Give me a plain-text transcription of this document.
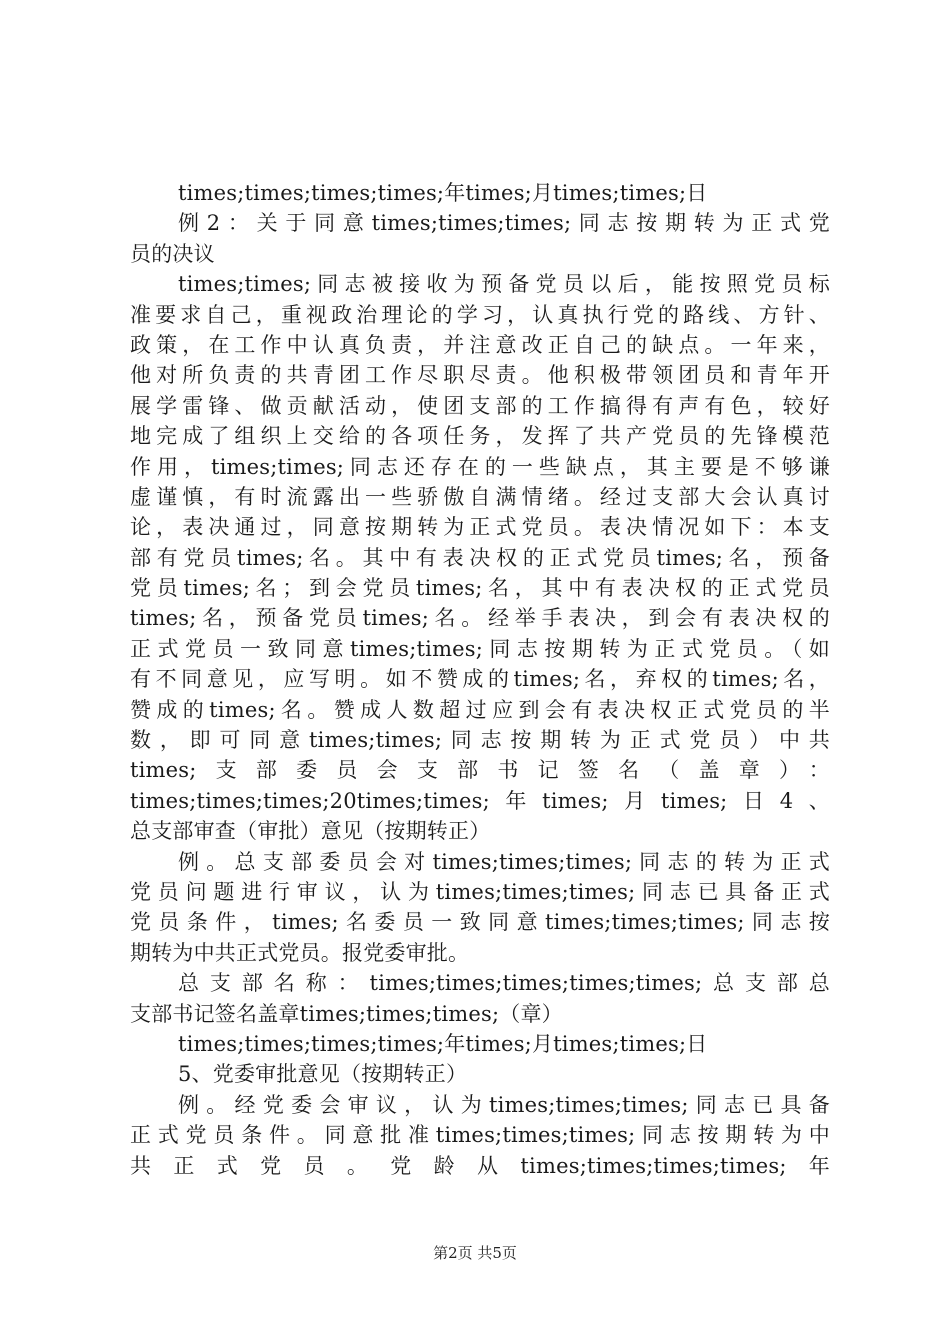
times;times;times;times;年times;月times;times;日
例2：关于同意times;times;times;同志按期转为正式党
员的决议
times;times;同志被接收为预备党员以后，能按照党员标
准要求自己，重视政治理论的学习，认真执行党的路线、方针、
政策，在工作中认真负责，并注意改正自己的缺点。一年来，
他对所负责的共青团工作尽职尽责。他积极带领团员和青年开
展学雷锋、做贡献活动，使团支部的工作搞得有声有色，较好
地完成了组织上交给的各项任务，发挥了共产党员的先锋模范
作用，times;times;同志还存在的一些缺点，其主要是不够谦
虚谨慎，有时流露出一些骄傲自满情绪。经过支部大会认真讨
论，表决通过，同意按期转为正式党员。表决情况如下：本支
部有党员times;名。其中有表决权的正式党员times;名，预备
党员times;名；到会党员times;名，其中有表决权的正式党员
times;名，预备党员times;名。经举手表决，到会有表决权的
正式党员一致同意times;times;同志按期转为正式党员。（如
有不同意见，应写明。如不赞成的times;名，弃权的times;名，
赞成的times;名。赞成人数超过应到会有表决权正式党员的半
数，即可同意times;times;同志按期转为正式党员）中共
times;支部委员会支部书记签名（盖章）：
times;times;times;20times;times;年times;月times;日4、
总支部审查（审批）意见（按期转正）
例。总支部委员会对times;times;times;同志的转为正式
党员问题进行审议，认为times;times;times;同志已具备正式
党员条件，times;名委员一致同意times;times;times;同志按
期转为中共正式党员。报党委审批。
总支部名称：times;times;times;times;times;总支部总
支部书记签名盖章times;times;times;（章）
times;times;times;times;年times;月times;times;日
5、党委审批意见（按期转正）
例。经党委会审议，认为times;times;times;同志已具备
正式党员条件。同意批准times;times;times;同志按期转为中
共正式党员。党龄从times;times;times;times;年
第2页 共5页
